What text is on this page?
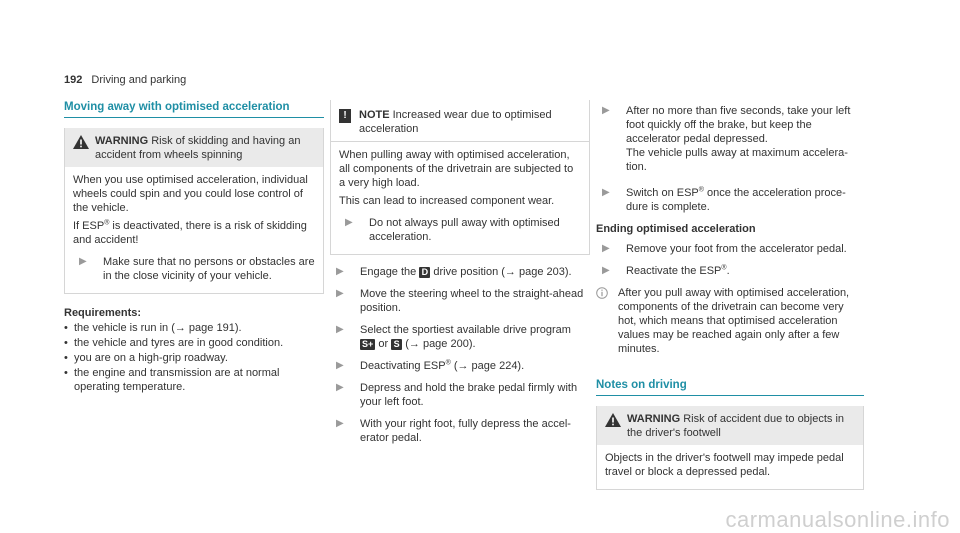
192 Driving and parking
Moving away with optimised acceleration
WARNING Risk of skidding and having an accident from wheels spinning

When you use optimised acceleration, individual wheels could spin and you could lose control of the vehicle.

If ESP® is deactivated, there is a risk of skidding and accident!

▶	Make sure that no persons or obstacles are in the close vicinity of your vehicle.
Requirements:
• the vehicle is run in (→ page 191).
• the vehicle and tyres are in good condition.
• you are on a high-grip roadway.
• the engine and transmission are at normal operating temperature.
!	NOTE Increased wear due to optimised acceleration

When pulling away with optimised acceleration, all components of the drivetrain are subjected to a very high load.

This can lead to increased component wear.

▶	Do not always pull away with optimised acceleration.
▶	Engage the D drive position (→ page 203).
▶	Move the steering wheel to the straight-ahead position.
▶	Select the sportiest available drive program
S+ or S (→ page 200).
▶	Deactivating ESP® (→ page 224).
▶	Depress and hold the brake pedal firmly with your left foot.
▶	With your right foot, fully depress the accelerator pedal.
▶	After no more than five seconds, take your left foot quickly off the brake, but keep the accelerator pedal depressed.
The vehicle pulls away at maximum acceleration.
▶	Switch on ESP® once the acceleration procedure is complete.
Ending optimised acceleration
▶	Remove your foot from the accelerator pedal.
▶	Reactivate the ESP®.
After you pull away with optimised acceleration, components of the drivetrain can become very hot, which means that optimised acceleration values may be reached again only after a few minutes.
Notes on driving
WARNING Risk of accident due to objects in the driver's footwell

Objects in the driver's footwell may impede pedal travel or block a depressed pedal.

carmanualsonline.info
